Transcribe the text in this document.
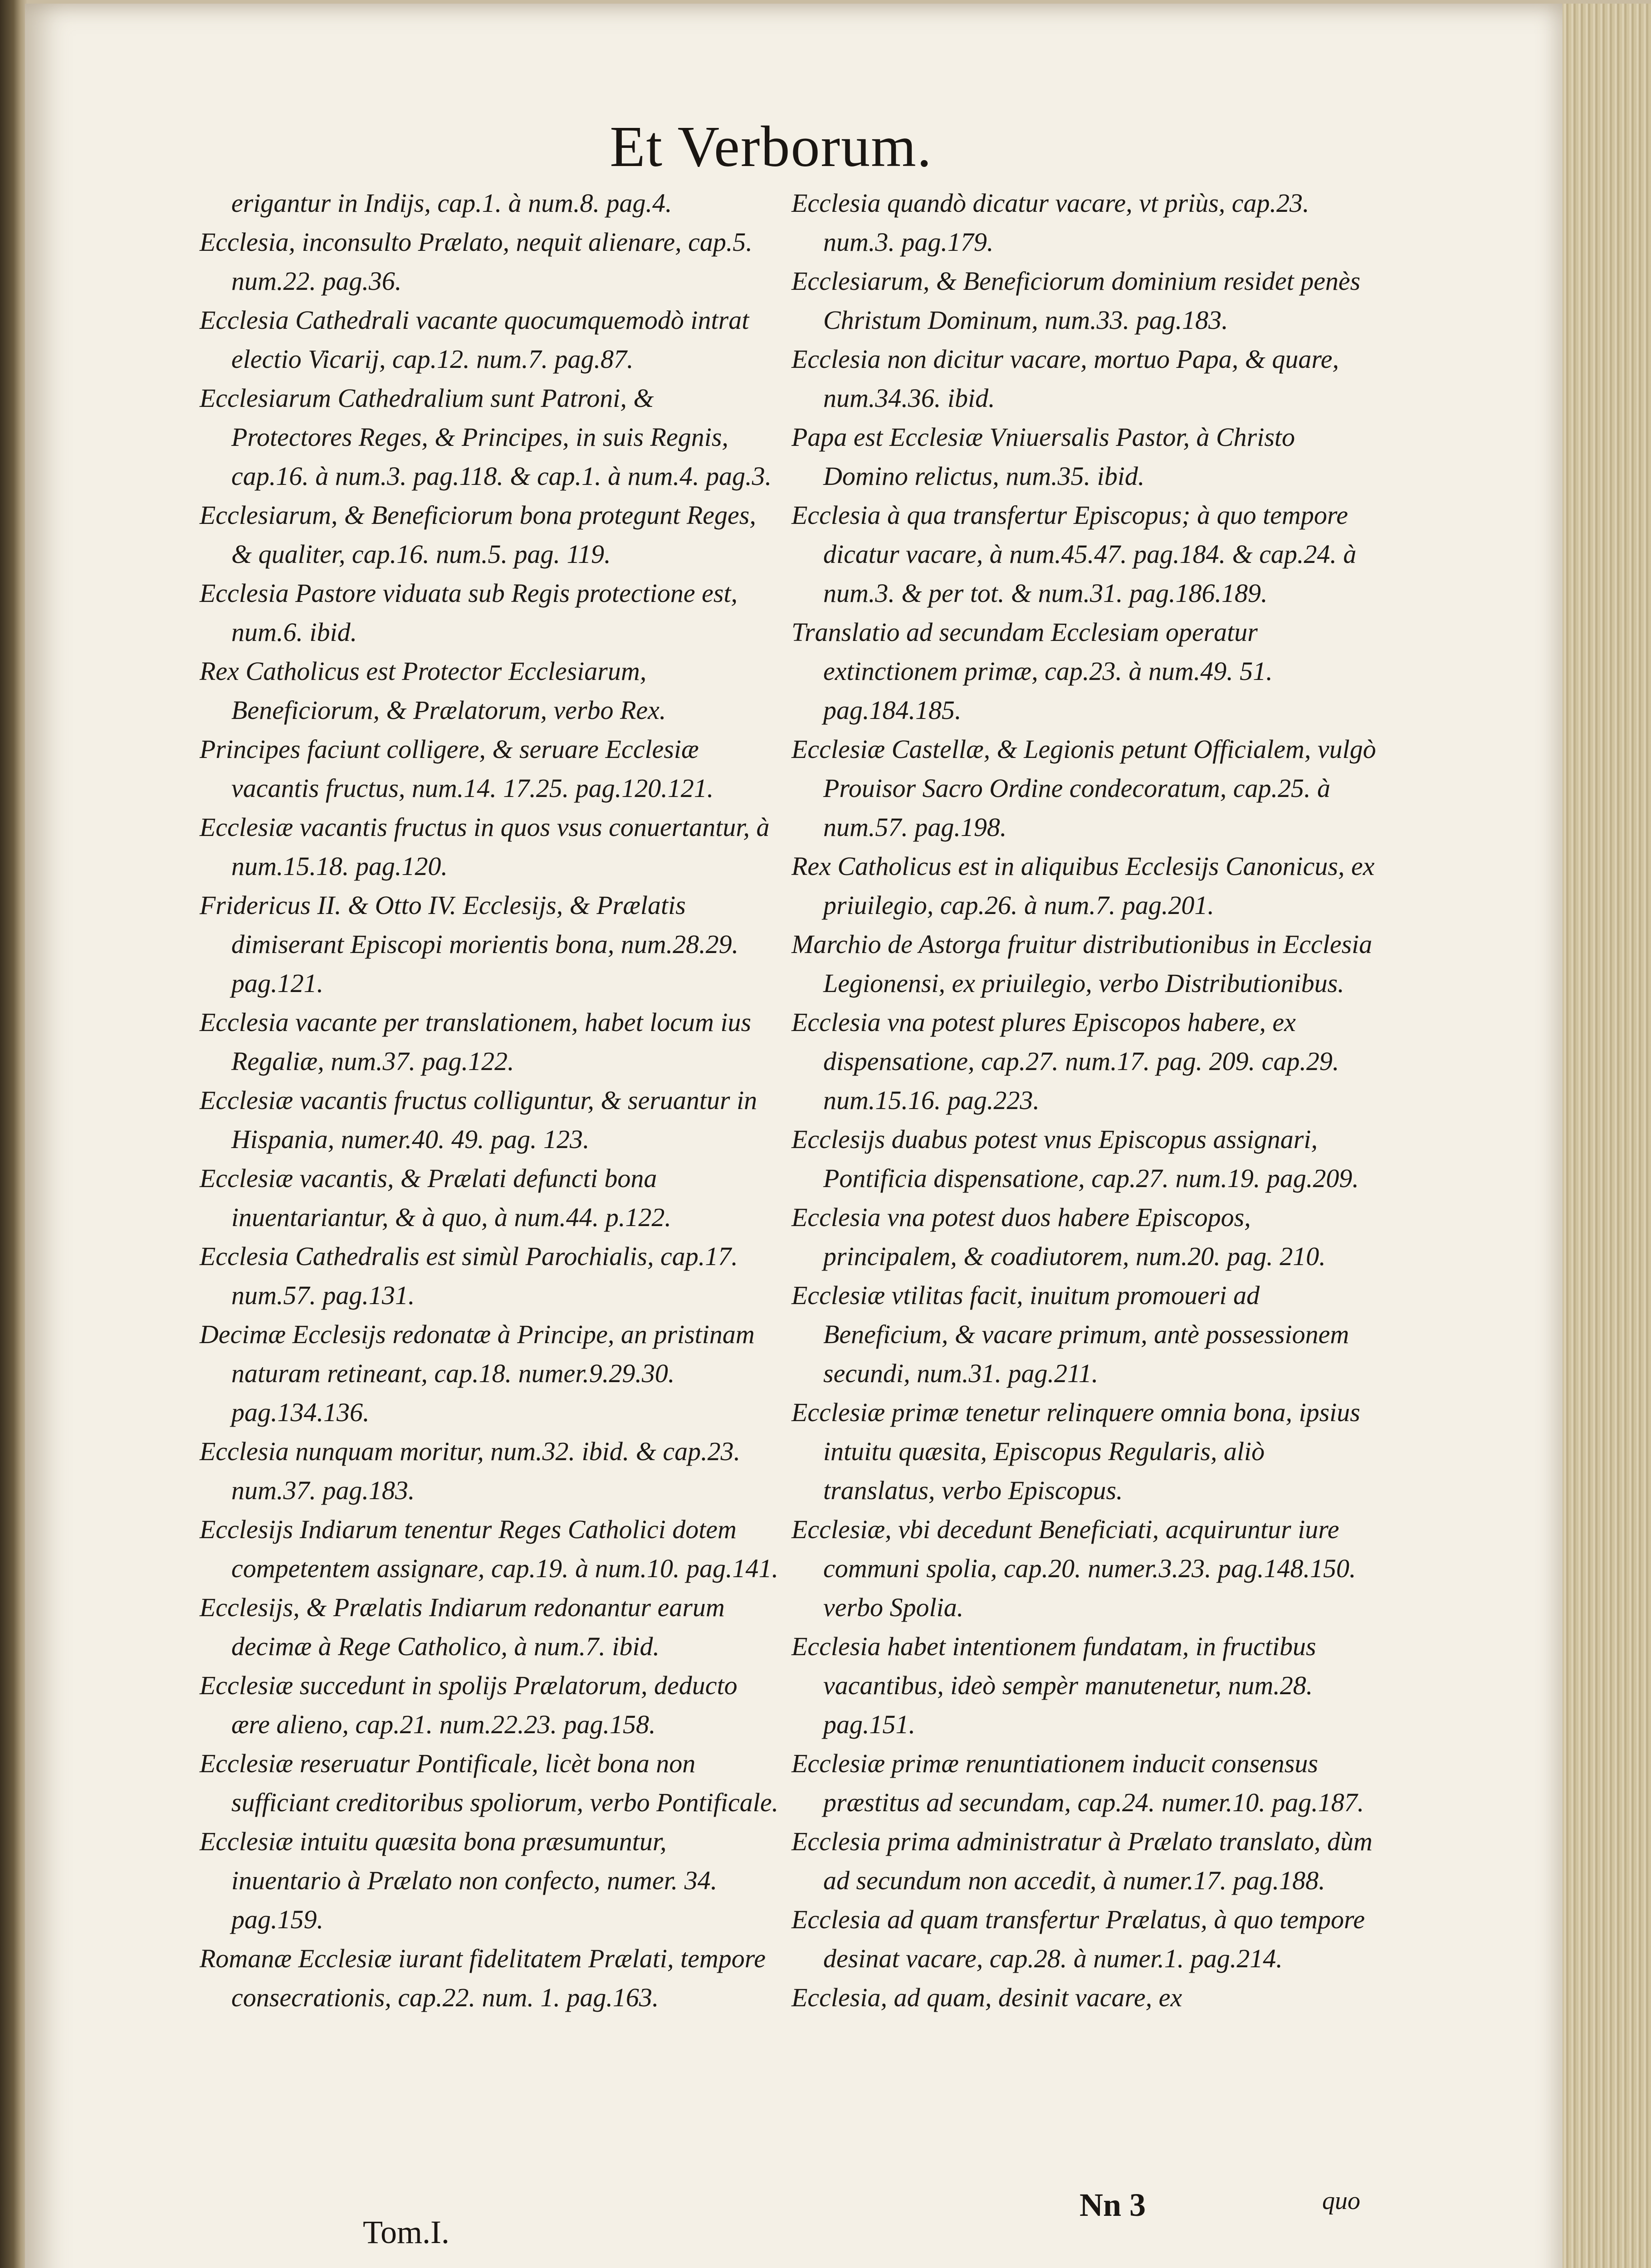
Et Verborum.
erigantur in Indijs, cap.1. à num.8. pag.4.
Ecclesia, inconsulto Prælato, nequit alienare, cap.5. num.22. pag.36.
Ecclesia Cathedrali vacante quocumquemodò intrat electio Vicarij, cap.12. num.7. pag.87.
Ecclesiarum Cathedralium sunt Patroni, & Protectores Reges, & Principes, in suis Regnis, cap.16. à num.3. pag.118. & cap.1. à num.4. pag.3.
Ecclesiarum, & Beneficiorum bona protegunt Reges, & qualiter, cap.16. num.5. pag. 119.
Ecclesia Pastore viduata sub Regis protectione est, num.6. ibid.
Rex Catholicus est Protector Ecclesiarum, Beneficiorum, & Prælatorum, verbo Rex.
Principes faciunt colligere, & seruare Ecclesiæ vacantis fructus, num.14. 17.25. pag.120.121.
Ecclesiæ vacantis fructus in quos vsus conuertantur, à num.15.18. pag.120.
Fridericus II. & Otto IV. Ecclesijs, & Prælatis dimiserant Episcopi morientis bona, num.28.29. pag.121.
Ecclesia vacante per translationem, habet locum ius Regaliæ, num.37. pag.122.
Ecclesiæ vacantis fructus colliguntur, & seruantur in Hispania, numer.40. 49. pag. 123.
Ecclesiæ vacantis, & Prælati defuncti bona inuentariantur, & à quo, à num.44. p.122.
Ecclesia Cathedralis est simùl Parochialis, cap.17. num.57. pag.131.
Decimæ Ecclesijs redonatæ à Principe, an pristinam naturam retineant, cap.18. numer.9.29.30. pag.134.136.
Ecclesia nunquam moritur, num.32. ibid. & cap.23. num.37. pag.183.
Ecclesijs Indiarum tenentur Reges Catholici dotem competentem assignare, cap.19. à num.10. pag.141.
Ecclesijs, & Prælatis Indiarum redonantur earum decimæ à Rege Catholico, à num.7. ibid.
Ecclesiæ succedunt in spolijs Prælatorum, deducto ære alieno, cap.21. num.22.23. pag.158.
Ecclesiæ reseruatur Pontificale, licèt bona non sufficiant creditoribus spoliorum, verbo Pontificale.
Ecclesiæ intuitu quæsita bona præsumuntur, inuentario à Prælato non confecto, numer. 34. pag.159.
Romanæ Ecclesiæ iurant fidelitatem Prælati, tempore consecrationis, cap.22. num. 1. pag.163.
Ecclesia quandò dicatur vacare, vt priùs, cap.23. num.3. pag.179.
Ecclesiarum, & Beneficiorum dominium residet penès Christum Dominum, num.33. pag.183.
Ecclesia non dicitur vacare, mortuo Papa, & quare, num.34.36. ibid.
Papa est Ecclesiæ Vniuersalis Pastor, à Christo Domino relictus, num.35. ibid.
Ecclesia à qua transfertur Episcopus; à quo tempore dicatur vacare, à num.45.47. pag.184. & cap.24. à num.3. & per tot. & num.31. pag.186.189.
Translatio ad secundam Ecclesiam operatur extinctionem primæ, cap.23. à num.49. 51. pag.184.185.
Ecclesiæ Castellæ, & Legionis petunt Officialem, vulgò Prouisor Sacro Ordine condecoratum, cap.25. à num.57. pag.198.
Rex Catholicus est in aliquibus Ecclesijs Canonicus, ex priuilegio, cap.26. à num.7. pag.201.
Marchio de Astorga fruitur distributionibus in Ecclesia Legionensi, ex priuilegio, verbo Distributionibus.
Ecclesia vna potest plures Episcopos habere, ex dispensatione, cap.27. num.17. pag. 209. cap.29. num.15.16. pag.223.
Ecclesijs duabus potest vnus Episcopus assignari, Pontificia dispensatione, cap.27. num.19. pag.209.
Ecclesia vna potest duos habere Episcopos, principalem, & coadiutorem, num.20. pag. 210.
Ecclesiæ vtilitas facit, inuitum promoueri ad Beneficium, & vacare primum, antè possessionem secundi, num.31. pag.211.
Ecclesiæ primæ tenetur relinquere omnia bona, ipsius intuitu quæsita, Episcopus Regularis, aliò translatus, verbo Episcopus.
Ecclesiæ, vbi decedunt Beneficiati, acquiruntur iure communi spolia, cap.20. numer.3.23. pag.148.150. verbo Spolia.
Ecclesia habet intentionem fundatam, in fructibus vacantibus, ideò sempèr manutenetur, num.28. pag.151.
Ecclesiæ primæ renuntiationem inducit consensus præstitus ad secundam, cap.24. numer.10. pag.187.
Ecclesia prima administratur à Prælato translato, dùm ad secundum non accedit, à numer.17. pag.188.
Ecclesia ad quam transfertur Prælatus, à quo tempore desinat vacare, cap.28. à numer.1. pag.214.
Ecclesia, ad quam, desinit vacare, ex
Tom.I.
Nn 3	quo
